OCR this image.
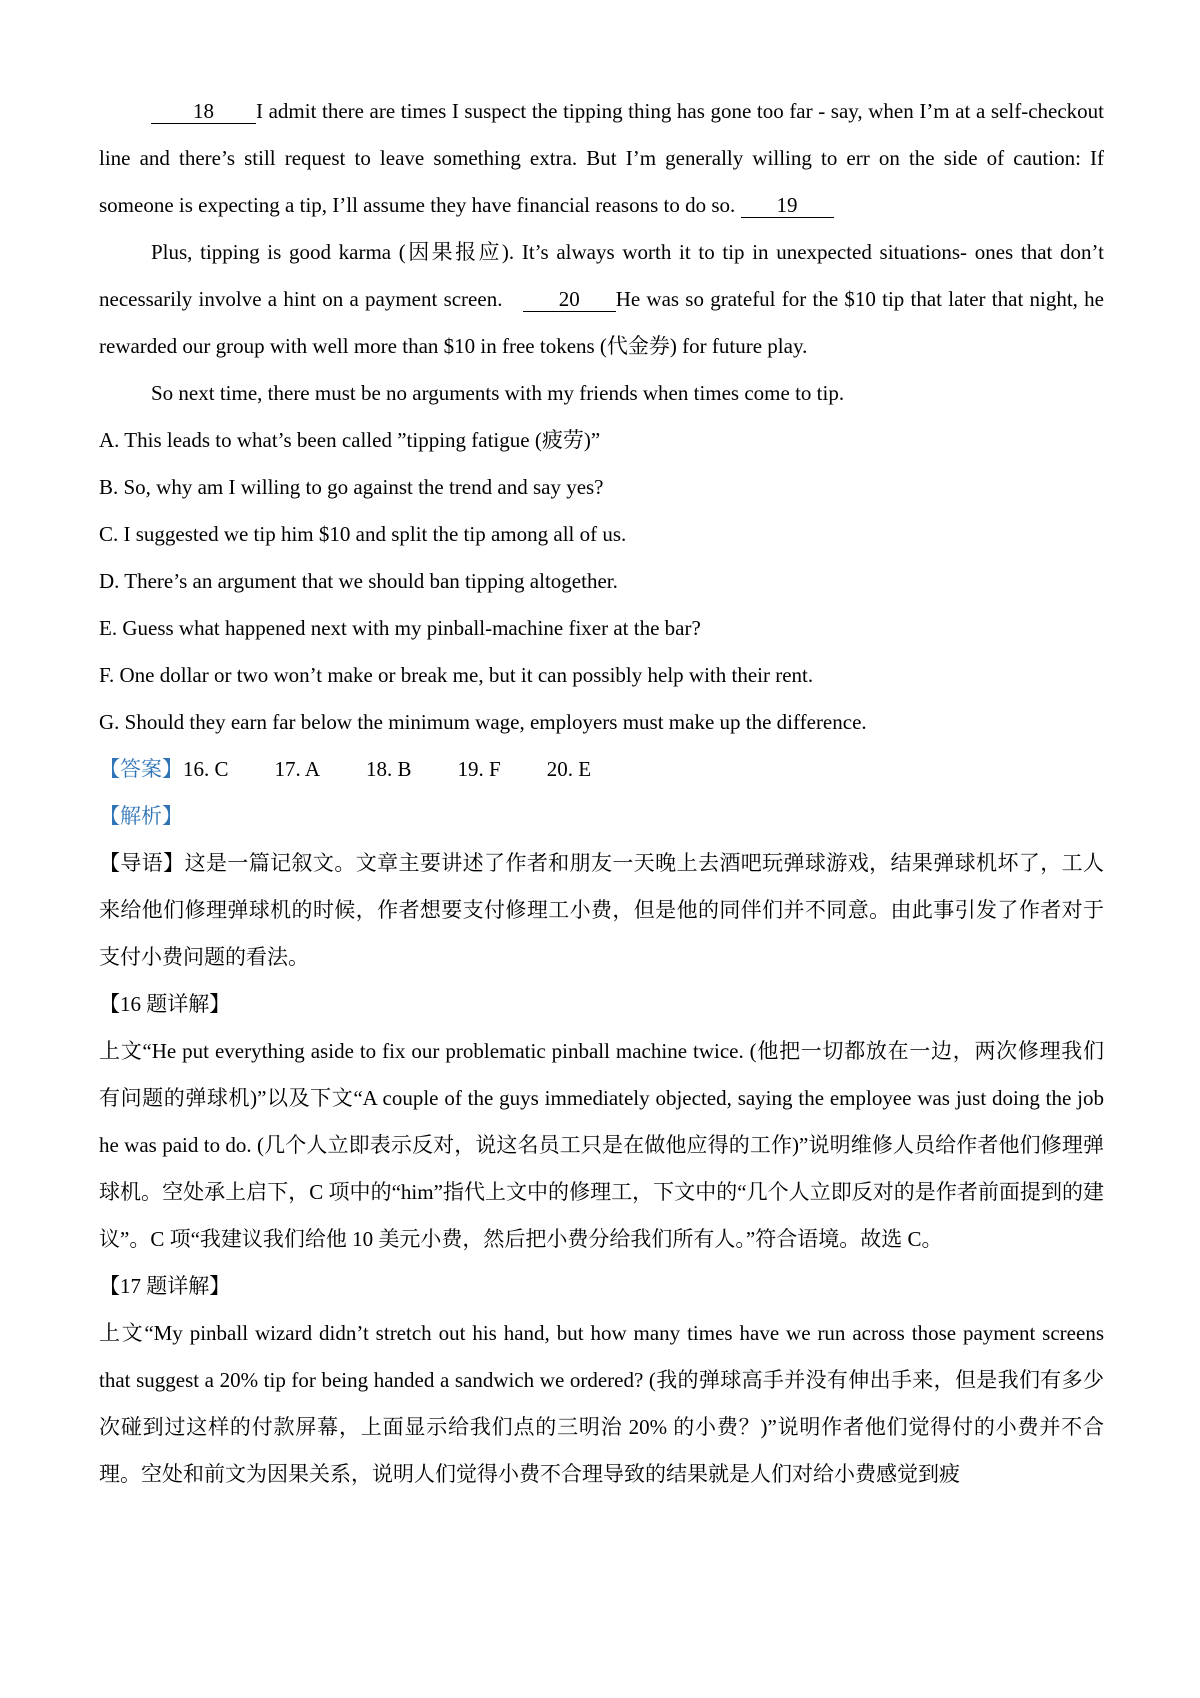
18 I admit there are times I suspect the tipping thing has gone too far - say, when I’m at a self-checkout line and there’s still request to leave something extra. But I’m generally willing to err on the side of caution: If someone is expecting a tip, I’ll assume they have financial reasons to do so. 19

Plus, tipping is good karma (因果报应). It’s always worth it to tip in unexpected situations- ones that don’t necessarily involve a hint on a payment screen. 20 He was so grateful for the $10 tip that later that night, he rewarded our group with well more than $10 in free tokens (代金券) for future play.

So next time, there must be no arguments with my friends when times come to tip.

A. This leads to what’s been called ”tipping fatigue (疲劳)”

B. So, why am I willing to go against the trend and say yes?

C. I suggested we tip him $10 and split the tip among all of us.

D. There’s an argument that we should ban tipping altogether.

E. Guess what happened next with my pinball-machine fixer at the bar?

F. One dollar or two won’t make or break me, but it can possibly help with their rent.

G. Should they earn far below the minimum wage, employers must make up the difference.

【答案】16. C 17. A 18. B 19. F 20. E

【解析】

【导语】这是一篇记叙文。文章主要讲述了作者和朋友一天晚上去酒吧玩弹球游戏，结果弹球机坏了，工人来给他们修理弹球机的时候，作者想要支付修理工小费，但是他的同伴们并不同意。由此事引发了作者对于支付小费问题的看法。

【16 题详解】

上文“He put everything aside to fix our problematic pinball machine twice. (他把一切都放在一边，两次修理我们有问题的弹球机)”以及下文“A couple of the guys immediately objected, saying the employee was just doing the job he was paid to do. (几个人立即表示反对，说这名员工只是在做他应得的工作)”说明维修人员给作者他们修理弹球机。空处承上启下，C 项中的“him”指代上文中的修理工，下文中的“几个人立即反对的是作者前面提到的建议”。C 项“我建议我们给他 10 美元小费，然后把小费分给我们所有人。”符合语境。故选 C。

【17 题详解】

上文“My pinball wizard didn’t stretch out his hand, but how many times have we run across those payment screens that suggest a 20% tip for being handed a sandwich we ordered? (我的弹球高手并没有伸出手来，但是我们有多少次碰到过这样的付款屏幕，上面显示给我们点的三明治 20% 的小费？)”说明作者他们觉得付的小费并不合理。空处和前文为因果关系，说明人们觉得小费不合理导致的结果就是人们对给小费感觉到疲
